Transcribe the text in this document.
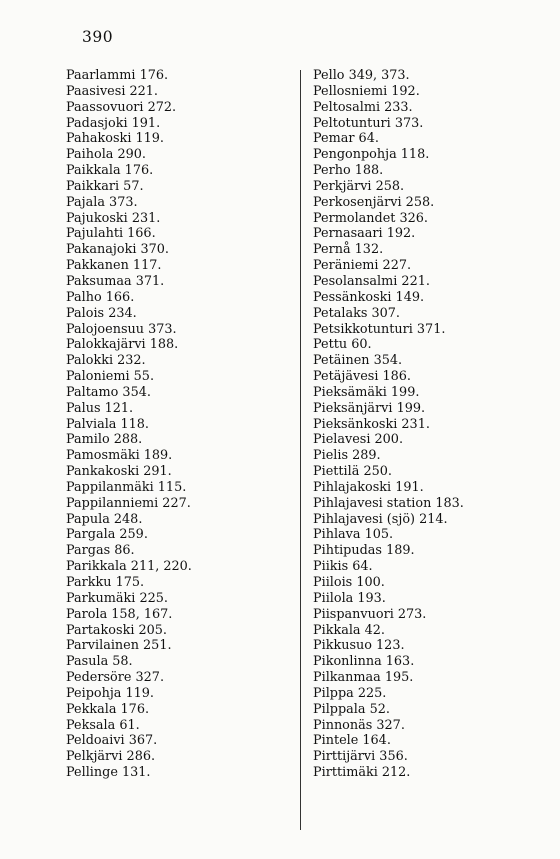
390
Paarlammi 176.
Paasivesi 221.
Paassovuori 272.
Padasjoki 191.
Pahakoski 119.
Paihola 290.
Paikkala 176.
Paikkari 57.
Pajala 373.
Pajukoski 231.
Pajulahti 166.
Pakanajoki 370.
Pakkanen 117.
Paksumaa 371.
Palho 166.
Palois 234.
Palojoensuu 373.
Palokkajärvi 188.
Palokki 232.
Paloniemi 55.
Paltamo 354.
Palus 121.
Palviala 118.
Pamilo 288.
Pamosmäki 189.
Pankakoski 291.
Pappilanmäki 115.
Pappilanniemi 227.
Papula 248.
Pargala 259.
Pargas 86.
Parikkala 211, 220.
Parkku 175.
Parkumäki 225.
Parola 158, 167.
Partakoski 205.
Parvilainen 251.
Pasula 58.
Pedersöre 327.
Peipohja 119.
Pekkala 176.
Peksala 61.
Peldoaivi 367.
Pelkjärvi 286.
Pellinge 131.
Pello 349, 373.
Pellosniemi 192.
Peltosalmi 233.
Peltotunturi 373.
Pemar 64.
Pengonpohja 118.
Perho 188.
Perkjärvi 258.
Perkosenjärvi 258.
Permolandet 326.
Pernasaari 192.
Pernå 132.
Peräniemi 227.
Pesolansalmi 221.
Pessänkoski 149.
Petalaks 307.
Petsikkotunturi 371.
Pettu 60.
Petäinen 354.
Petäjävesi 186.
Pieksämäki 199.
Pieksänjärvi 199.
Pieksänkoski 231.
Pielavesi 200.
Pielis 289.
Piettilä 250.
Pihlajakoski 191.
Pihlajavesi station 183.
Pihlajavesi (sjö) 214.
Pihlava 105.
Pihtipudas 189.
Piikis 64.
Piilois 100.
Piilola 193.
Piispanvuori 273.
Pikkala 42.
Pikkusuo 123.
Pikonlinna 163.
Pilkanmaa 195.
Pilppa 225.
Pilppala 52.
Pinnonäs 327.
Pintele 164.
Pirttijärvi 356.
Pirttimäki 212.
